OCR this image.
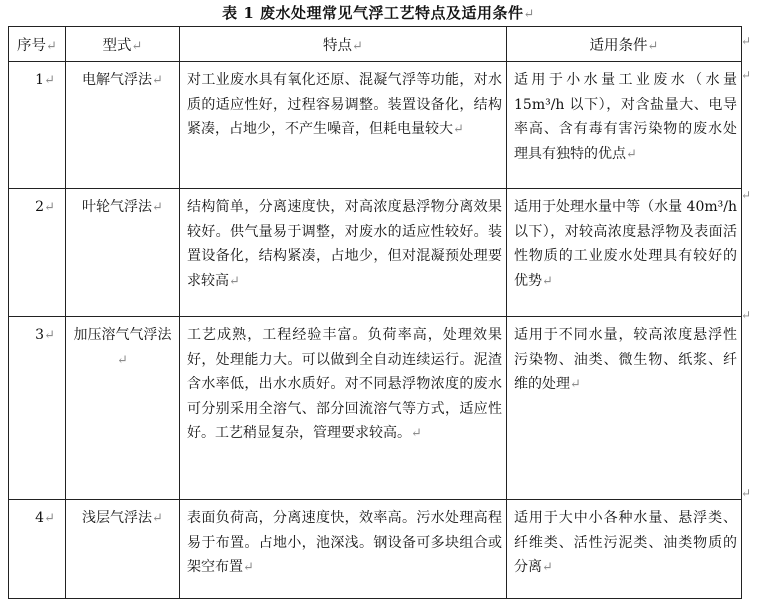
表 1 废水处理常见气浮工艺特点及适用条件↵
序号↵	型式↵	特点↵	适用条件↵
1↵	电解气浮法↵	对工业废水具有氧化还原、混凝气浮等功能，对水质的适应性好，过程容易调整。装置设备化，结构紧凑，占地少，不产生噪音，但耗电量较大↵	适用于小水量工业废水（水量 15m³/h 以下），对含盐量大、电导率高、含有毒有害污染物的废水处理具有独特的优点↵
2↵	叶轮气浮法↵	结构简单，分离速度快，对高浓度悬浮物分离效果较好。供气量易于调整，对废水的适应性较好。装置设备化，结构紧凑，占地少，但对混凝预处理要求较高↵	适用于处理水量中等（水量 40m³/h 以下），对较高浓度悬浮物及表面活性物质的工业废水处理具有较好的优势↵
3↵	加压溶气气浮法↵	工艺成熟，工程经验丰富。负荷率高，处理效果好，处理能力大。可以做到全自动连续运行。泥渣含水率低，出水水质好。对不同悬浮物浓度的废水可分别采用全溶气、部分回流溶气等方式，适应性好。工艺稍显复杂，管理要求较高。↵	适用于不同水量，较高浓度悬浮性污染物、油类、微生物、纸浆、纤维的处理↵
4↵	浅层气浮法↵	表面负荷高，分离速度快，效率高。污水处理高程易于布置。占地小，池深浅。钢设备可多块组合或架空布置↵	适用于大中小各种水量、悬浮类、纤维类、活性污泥类、油类物质的分离↵
↵
↵
↵
↵
↵
